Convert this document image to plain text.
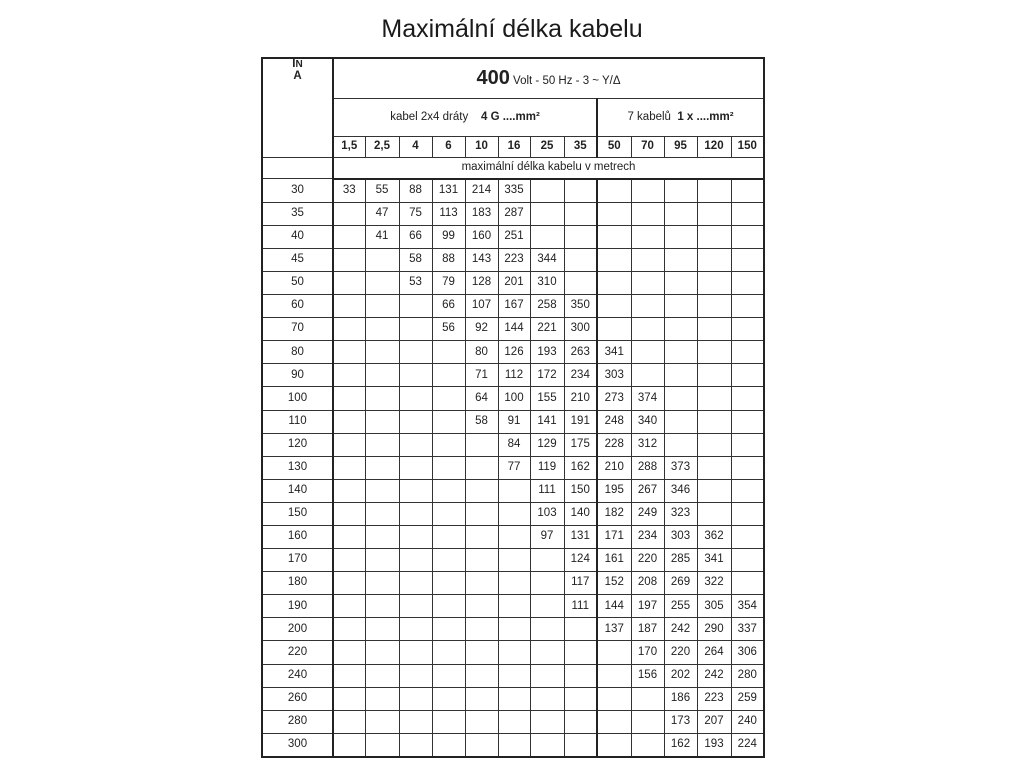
Maximální délka kabelu
IN
A	400 Volt - 50 Hz - 3 ~ Y/Δ												
	kabel 2x4 dráty 4 G ....mm²								7 kabelů 1 x ....mm²				
	1,5	2,5	4	6	10	16	25	35	50	70	95	120	150
	maximální délka kabelu v metrech												
30	33	55	88	131	214	335							
35		47	75	113	183	287							
40		41	66	99	160	251							
45			58	88	143	223	344						
50			53	79	128	201	310						
60				66	107	167	258	350					
70				56	92	144	221	300					
80					80	126	193	263	341				
90					71	112	172	234	303				
100					64	100	155	210	273	374			
110					58	91	141	191	248	340			
120						84	129	175	228	312			
130						77	119	162	210	288	373		
140							111	150	195	267	346		
150							103	140	182	249	323		
160							97	131	171	234	303	362	
170								124	161	220	285	341	
180								117	152	208	269	322	
190								111	144	197	255	305	354
200									137	187	242	290	337
220										170	220	264	306
240										156	202	242	280
260											186	223	259
280											173	207	240
300											162	193	224
